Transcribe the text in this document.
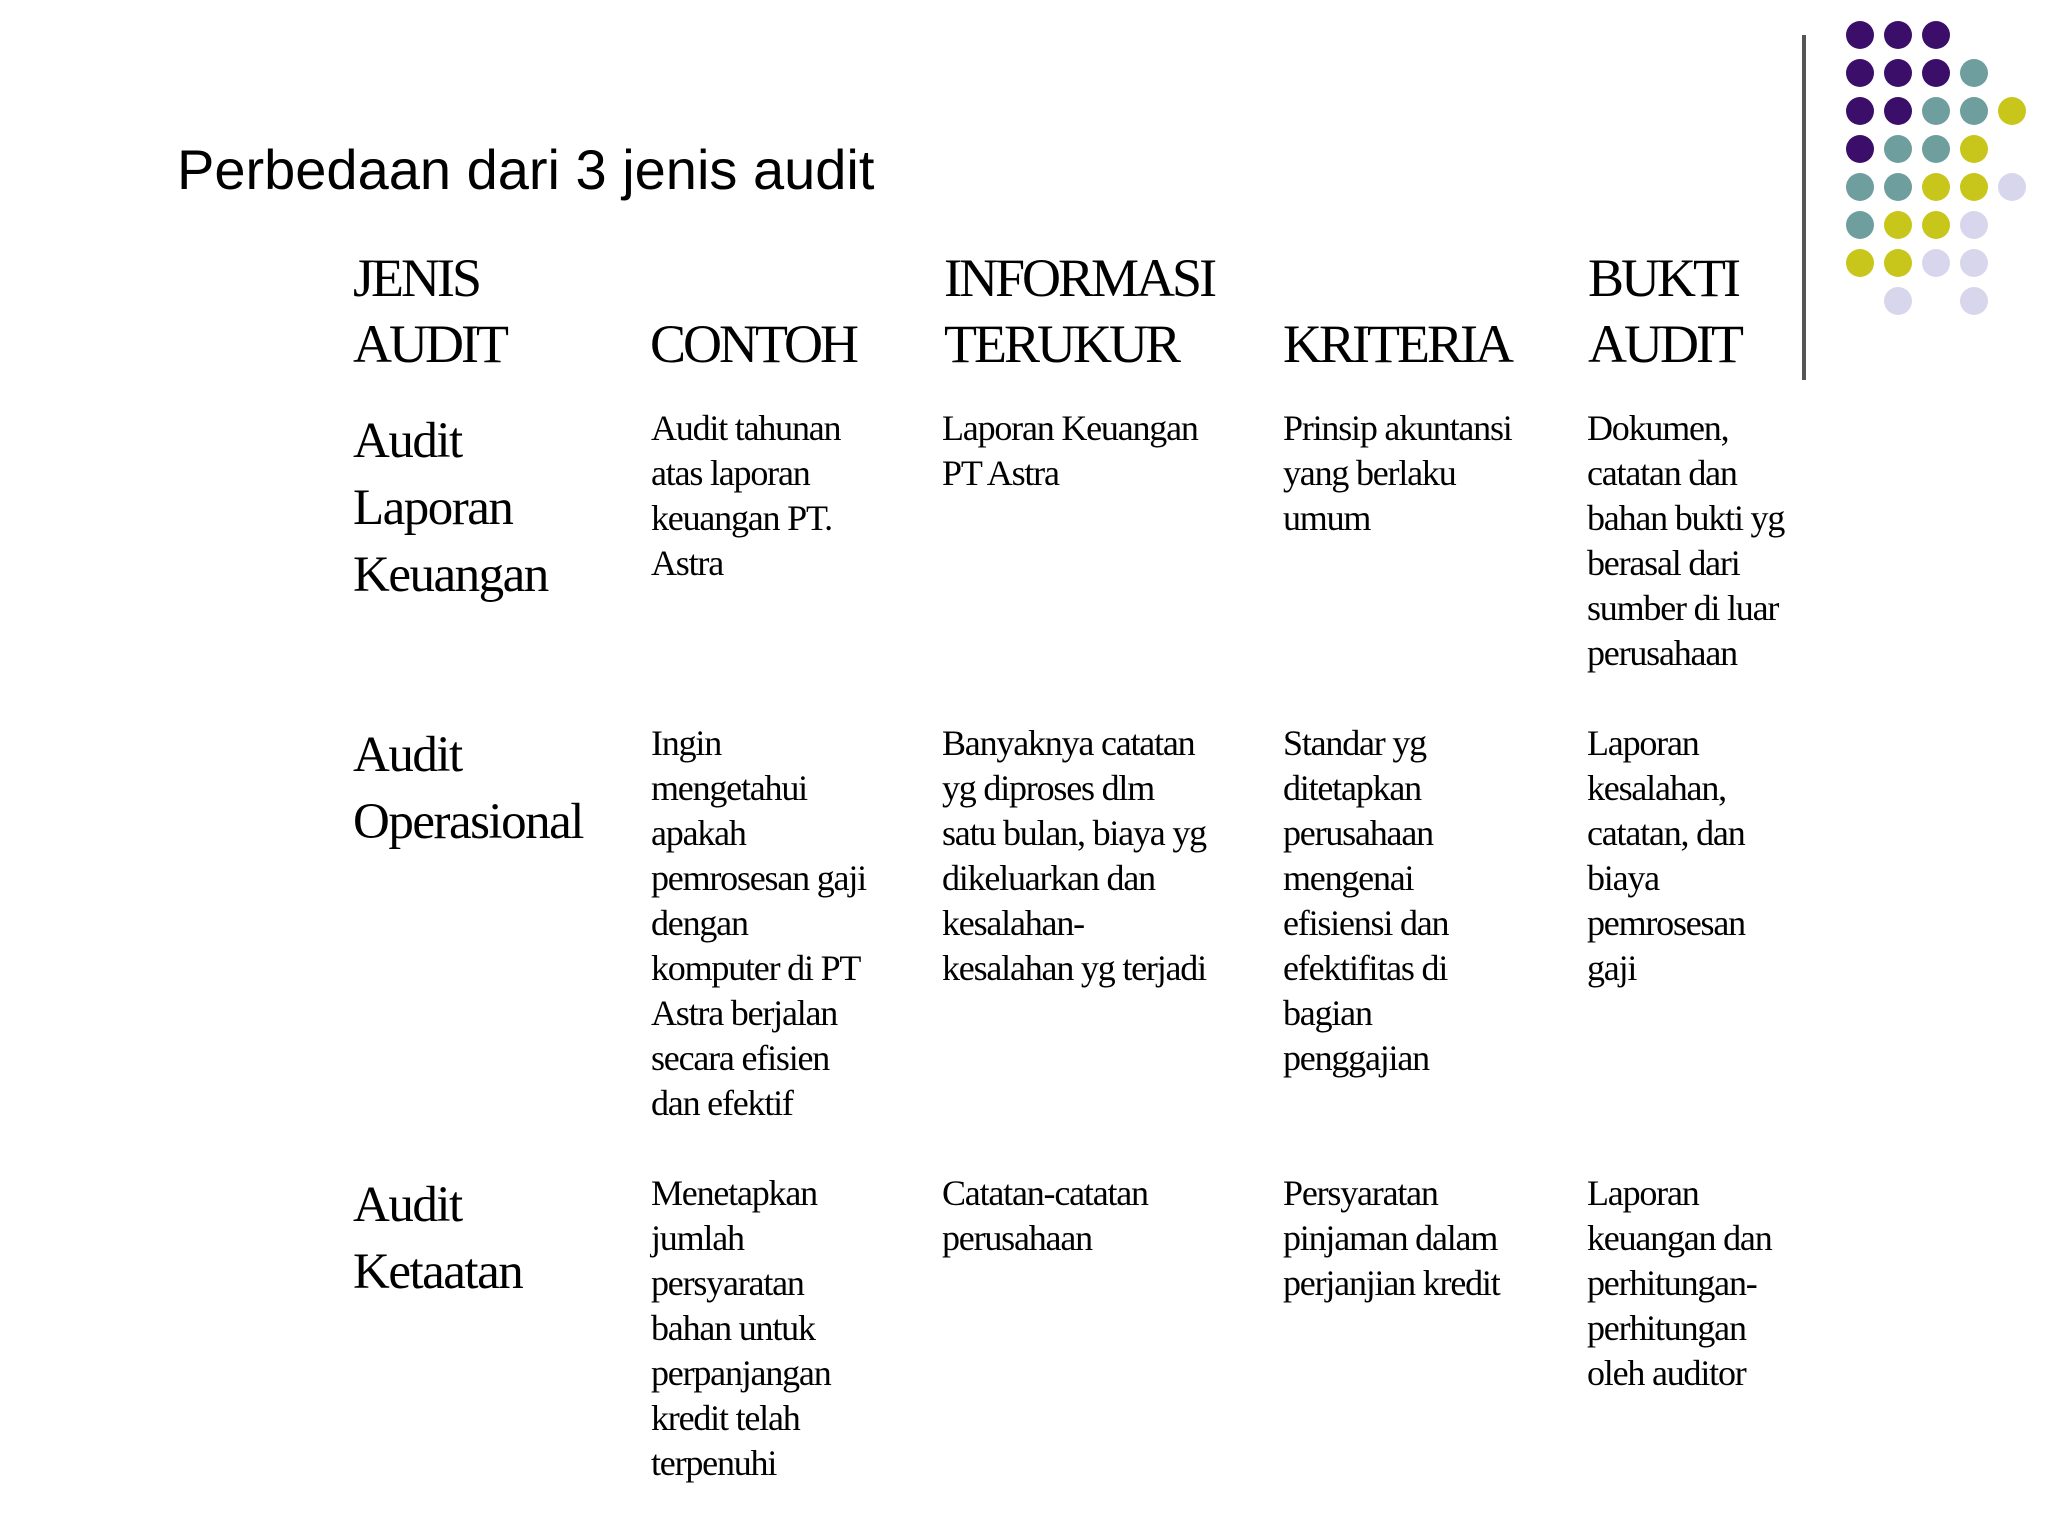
Perbedaan dari 3 jenis audit
JENIS
AUDIT	
CONTOH
INFORMASI
TERUKUR	
KRITERIA
BUKTI
AUDIT
Audit
Laporan
Keuangan
Audit tahunan
atas laporan
keuangan PT.
Astra
Laporan Keuangan
PT Astra
Prinsip akuntansi
yang berlaku
umum
Dokumen,
catatan dan
bahan bukti yg
berasal dari
sumber di luar
perusahaan
Audit
Operasional
Ingin
mengetahui
apakah
pemrosesan gaji
dengan
komputer di PT
Astra berjalan
secara efisien
dan efektif
Banyaknya catatan
yg diproses dlm
satu bulan, biaya yg
dikeluarkan dan
kesalahan-
kesalahan yg terjadi
Standar yg
ditetapkan
perusahaan
mengenai
efisiensi dan
efektifitas di
bagian
penggajian
Laporan
kesalahan,
catatan, dan
biaya
pemrosesan
gaji
Audit
Ketaatan
Menetapkan
jumlah
persyaratan
bahan untuk
perpanjangan
kredit telah
terpenuhi
Catatan-catatan
perusahaan
Persyaratan
pinjaman dalam
perjanjian kredit
Laporan
keuangan dan
perhitungan-
perhitungan
oleh auditor
